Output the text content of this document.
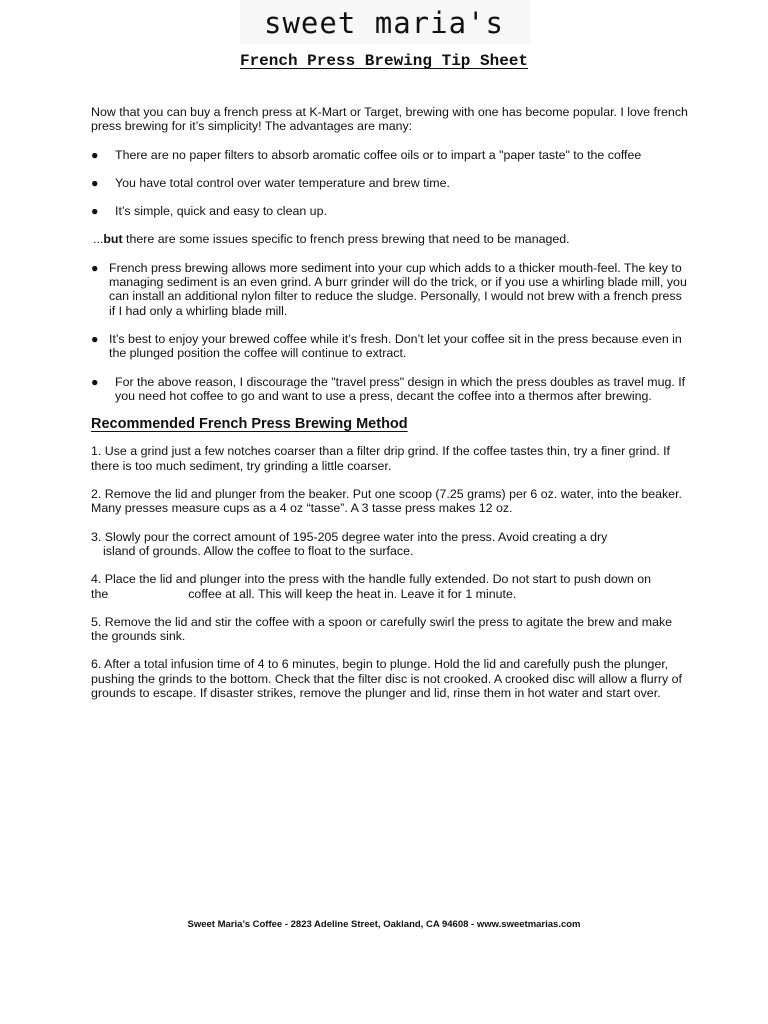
sweet maria's
French Press Brewing Tip Sheet

Now that you can buy a french press at K-Mart or Target, brewing with one has become popular. I love french press brewing for it’s simplicity! The advantages are many:

● There are no paper filters to absorb aromatic coffee oils or to impart a "paper taste" to the coffee
● You have total control over water temperature and brew time.
● It’s simple, quick and easy to clean up.

...but there are some issues specific to french press brewing that need to be managed.

● French press brewing allows more sediment into your cup which adds to a thicker mouth-feel. The key to managing sediment is an even grind. A burr grinder will do the trick, or if you use a whirling blade mill, you can install an additional nylon filter to reduce the sludge. Personally, I would not brew with a french press if I had only a whirling blade mill.
● It’s best to enjoy your brewed coffee while it’s fresh. Don’t let your coffee sit in the press because even in the plunged position the coffee will continue to extract.
● For the above reason, I discourage the "travel press" design in which the press doubles as travel mug. If you need hot coffee to go and want to use a press, decant the coffee into a thermos after brewing.

Recommended French Press Brewing Method

1. Use a grind just a few notches coarser than a filter drip grind. If the coffee tastes thin, try a finer grind. If there is too much sediment, try grinding a little coarser.

2. Remove the lid and plunger from the beaker. Put one scoop (7.25 grams) per 6 oz. water, into the beaker. Many presses measure cups as a 4 oz “tasse”. A 3 tasse press makes 12 oz.

3. Slowly pour the correct amount of 195-205 degree water into the press. Avoid creating a dry
island of grounds. Allow the coffee to float to the surface.
4. Place the lid and plunger into the press with the handle fully extended. Do not start to push down on
the	coffee at all. This will keep the heat in. Leave it for 1 minute.

5. Remove the lid and stir the coffee with a spoon or carefully swirl the press to agitate the brew and make the grounds sink.

6. After a total infusion time of 4 to 6 minutes, begin to plunge. Hold the lid and carefully push the plunger, pushing the grinds to the bottom. Check that the filter disc is not crooked. A crooked disc will allow a flurry of grounds to escape. If disaster strikes, remove the plunger and lid, rinse them in hot water and start over.

Sweet Maria’s Coffee - 2823 Adeline Street, Oakland, CA 94608 - www.sweetmarias.com
